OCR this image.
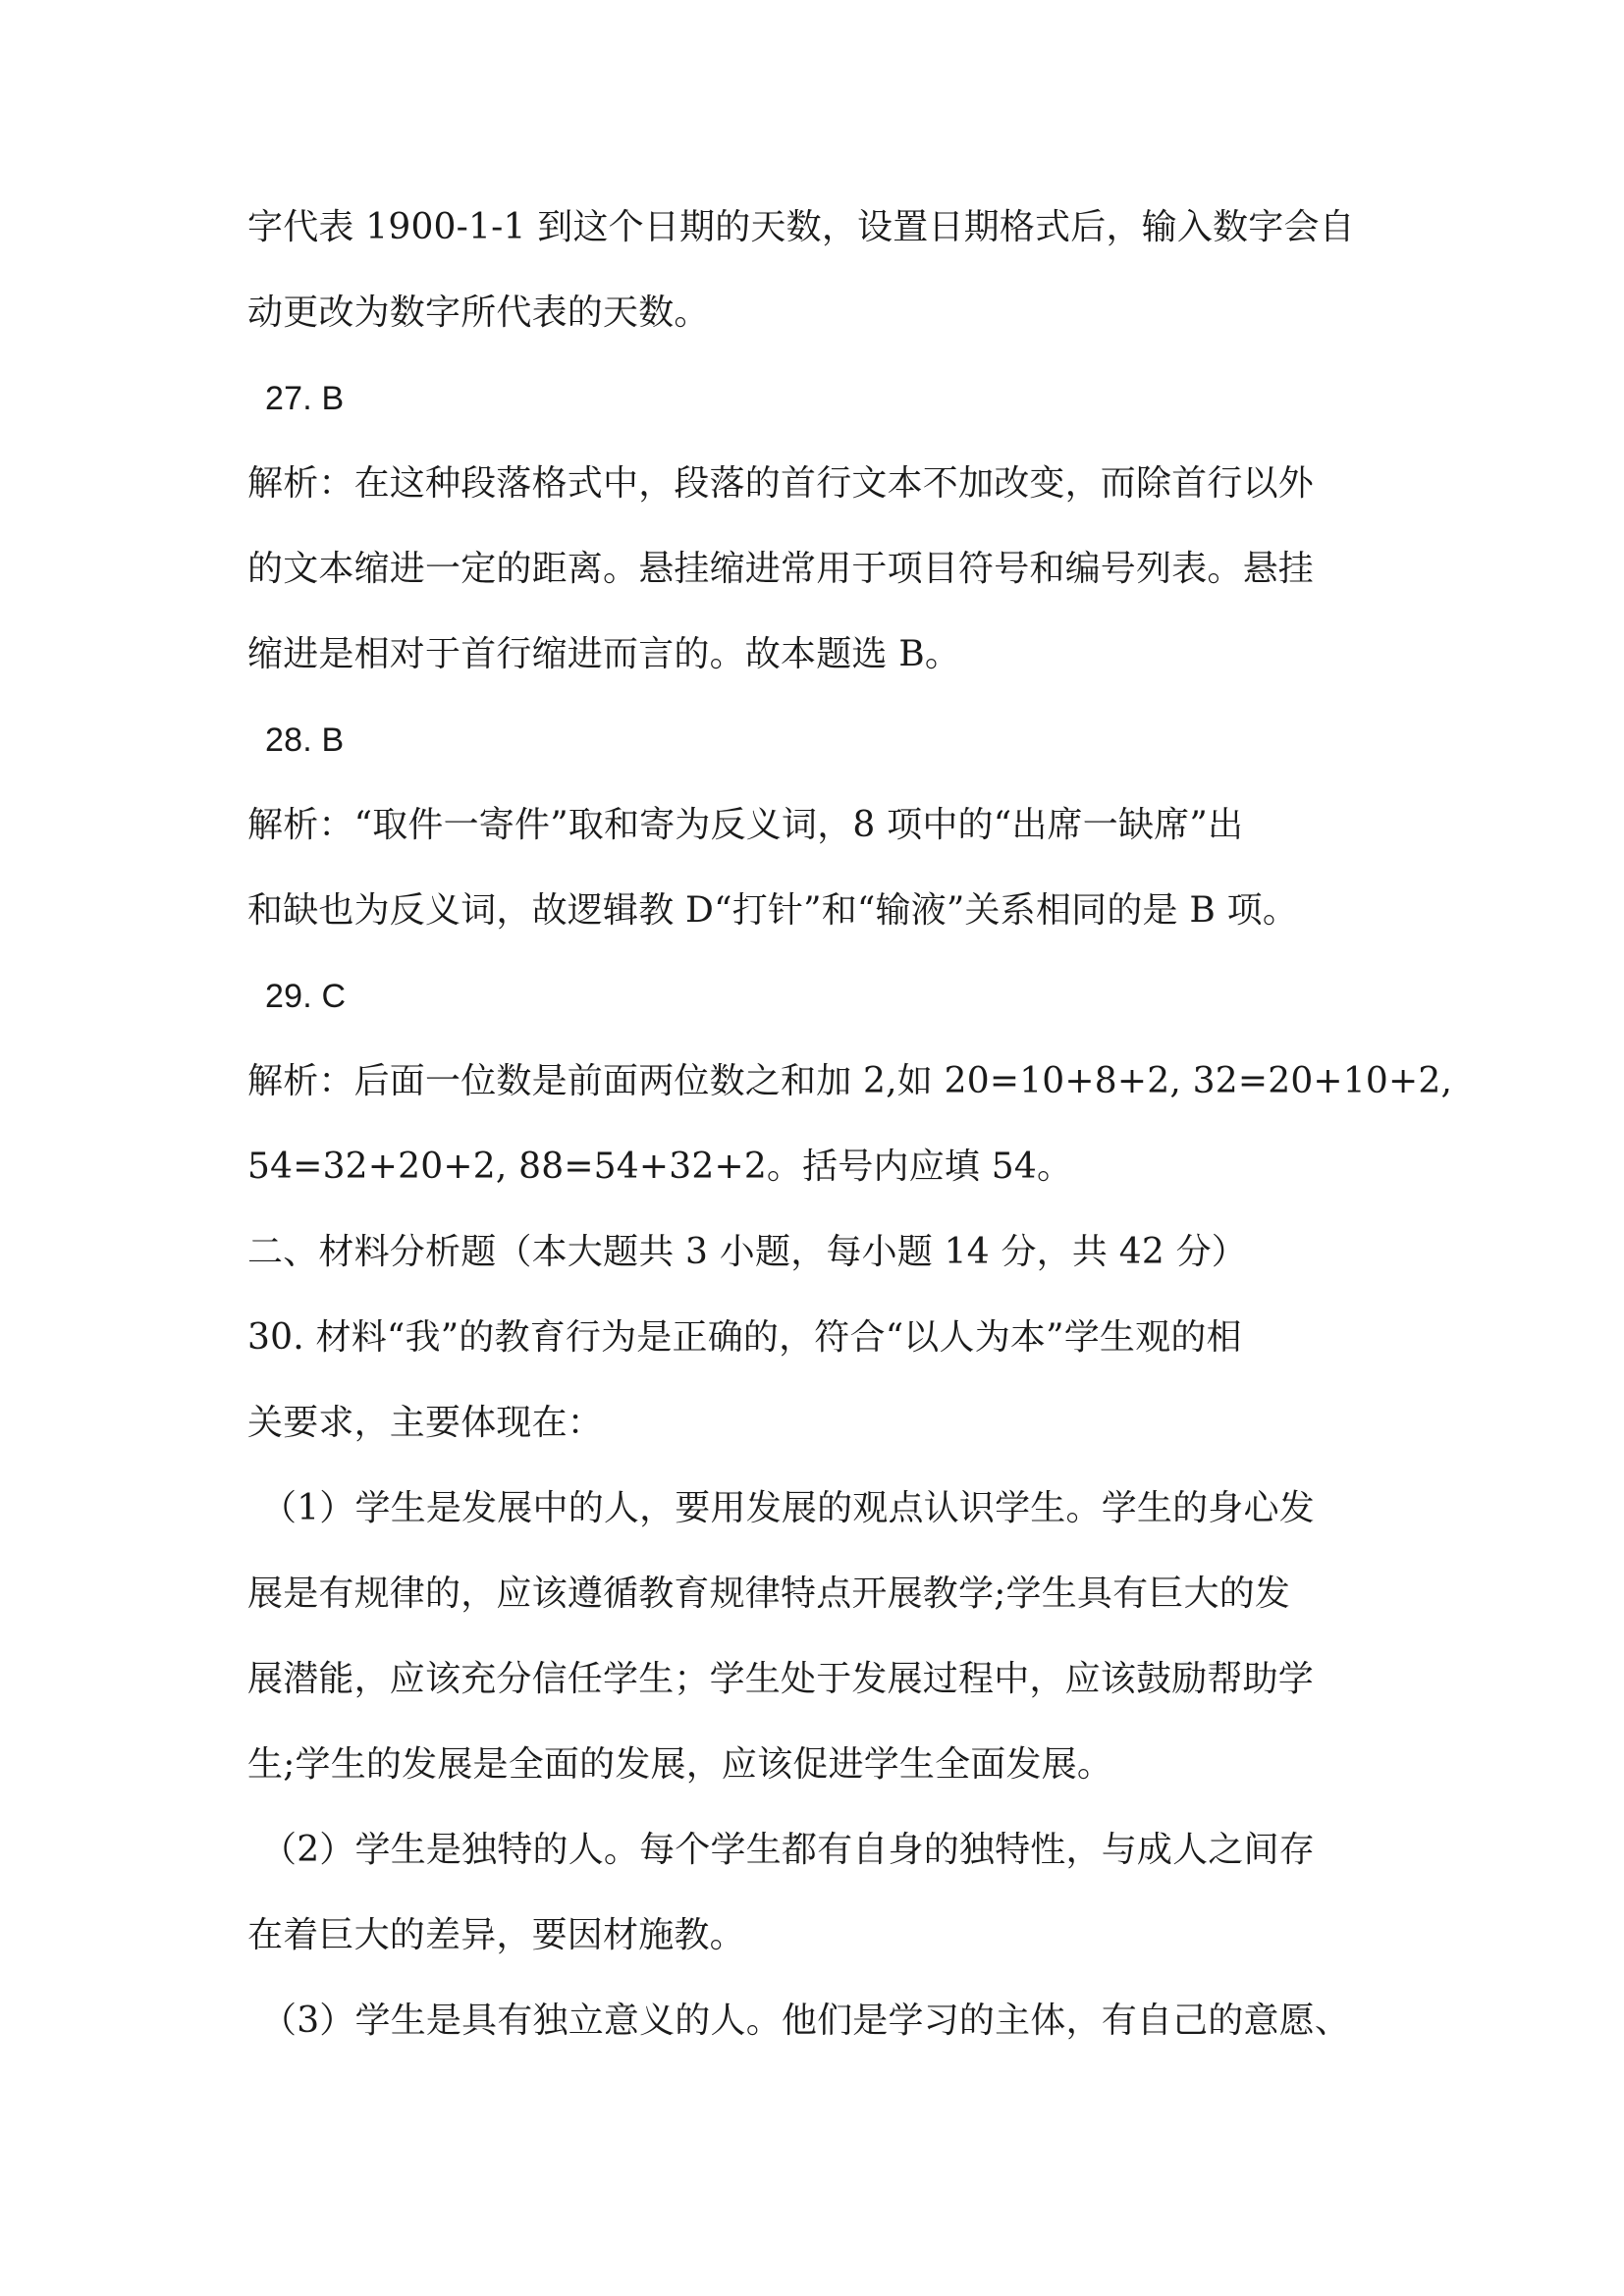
字代表 1900-1-1 到这个日期的天数，设置日期格式后，输入数字会自
动更改为数字所代表的天数。
27. B
解析：在这种段落格式中，段落的首行文本不加改变，而除首行以外
的文本缩进一定的距离。悬挂缩进常用于项目符号和编号列表。悬挂
缩进是相对于首行缩进而言的。故本题选 B。
28. B
解析：“取件一寄件”取和寄为反义词，8 项中的“出席一缺席”出
和缺也为反义词，故逻辑教 D“打针”和“输液”关系相同的是 B 项。
29. C
解析：后面一位数是前面两位数之和加 2,如 20=10+8+2, 32=20+10+2,
54=32+20+2, 88=54+32+2。括号内应填 54。
二、材料分析题（本大题共 3 小题，每小题 14 分，共 42 分）
30. 材料“我”的教育行为是正确的，符合“以人为本”学生观的相
关要求，主要体现在：
（1）学生是发展中的人，要用发展的观点认识学生。学生的身心发
展是有规律的，应该遵循教育规律特点开展教学;学生具有巨大的发
展潜能，应该充分信任学生；学生处于发展过程中，应该鼓励帮助学
生;学生的发展是全面的发展，应该促进学生全面发展。
（2）学生是独特的人。每个学生都有自身的独特性，与成人之间存
在着巨大的差异，要因材施教。
（3）学生是具有独立意义的人。他们是学习的主体，有自己的意愿、
